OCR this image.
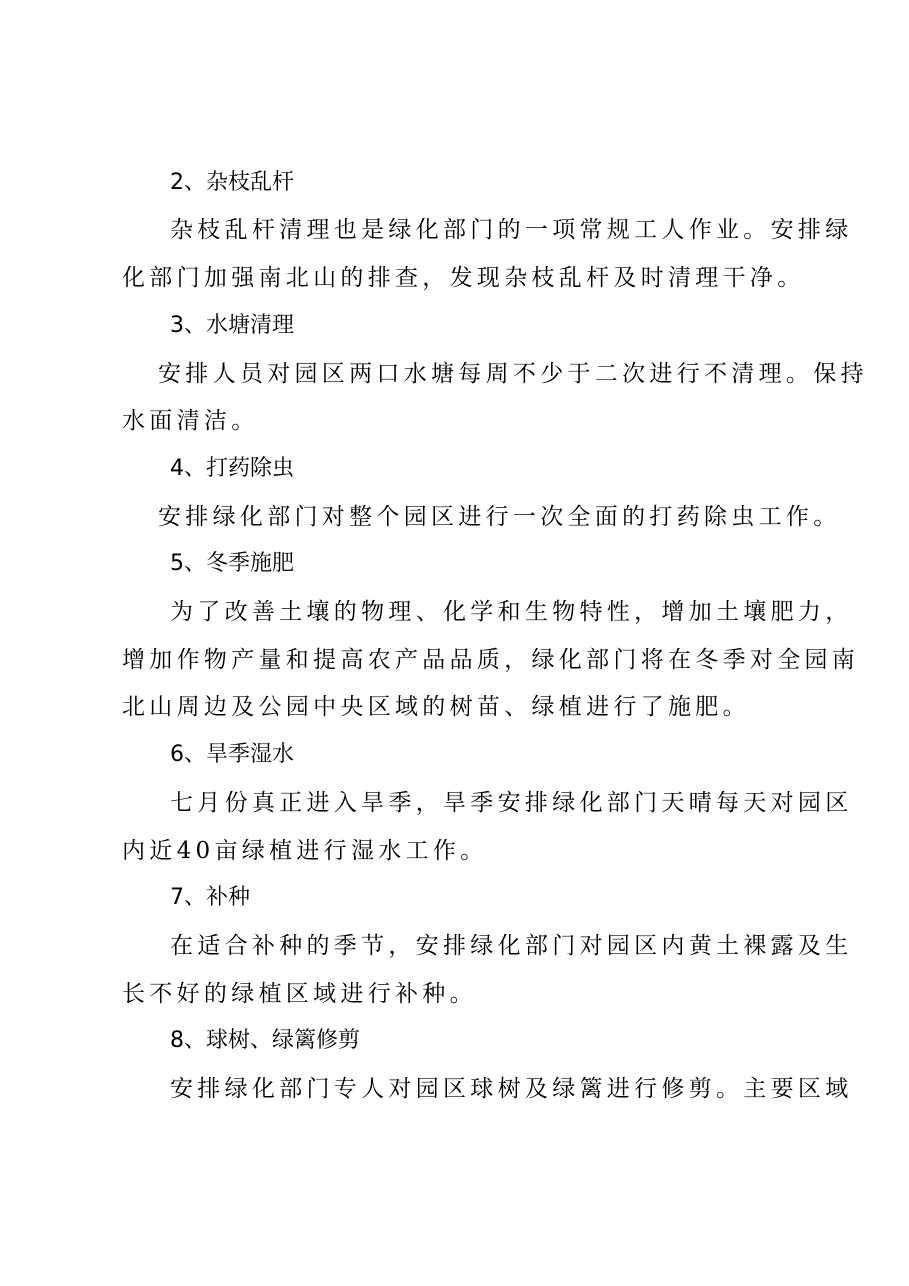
2、杂枝乱杆
杂枝乱杆清理也是绿化部门的一项常规工人作业。安排绿
化部门加强南北山的排查，发现杂枝乱杆及时清理干净。
3、水塘清理
安排人员对园区两口水塘每周不少于二次进行不清理。保持
水面清洁。
4、打药除虫
安排绿化部门对整个园区进行一次全面的打药除虫工作。
5、冬季施肥
为了改善土壤的物理、化学和生物特性，增加土壤肥力，
增加作物产量和提高农产品品质，绿化部门将在冬季对全园南
北山周边及公园中央区域的树苗、绿植进行了施肥。
6、旱季湿水
七月份真正进入旱季，旱季安排绿化部门天晴每天对园区
内近40亩绿植进行湿水工作。
7、补种
在适合补种的季节，安排绿化部门对园区内黄土裸露及生
长不好的绿植区域进行补种。
8、球树、绿篱修剪
安排绿化部门专人对园区球树及绿篱进行修剪。主要区域
